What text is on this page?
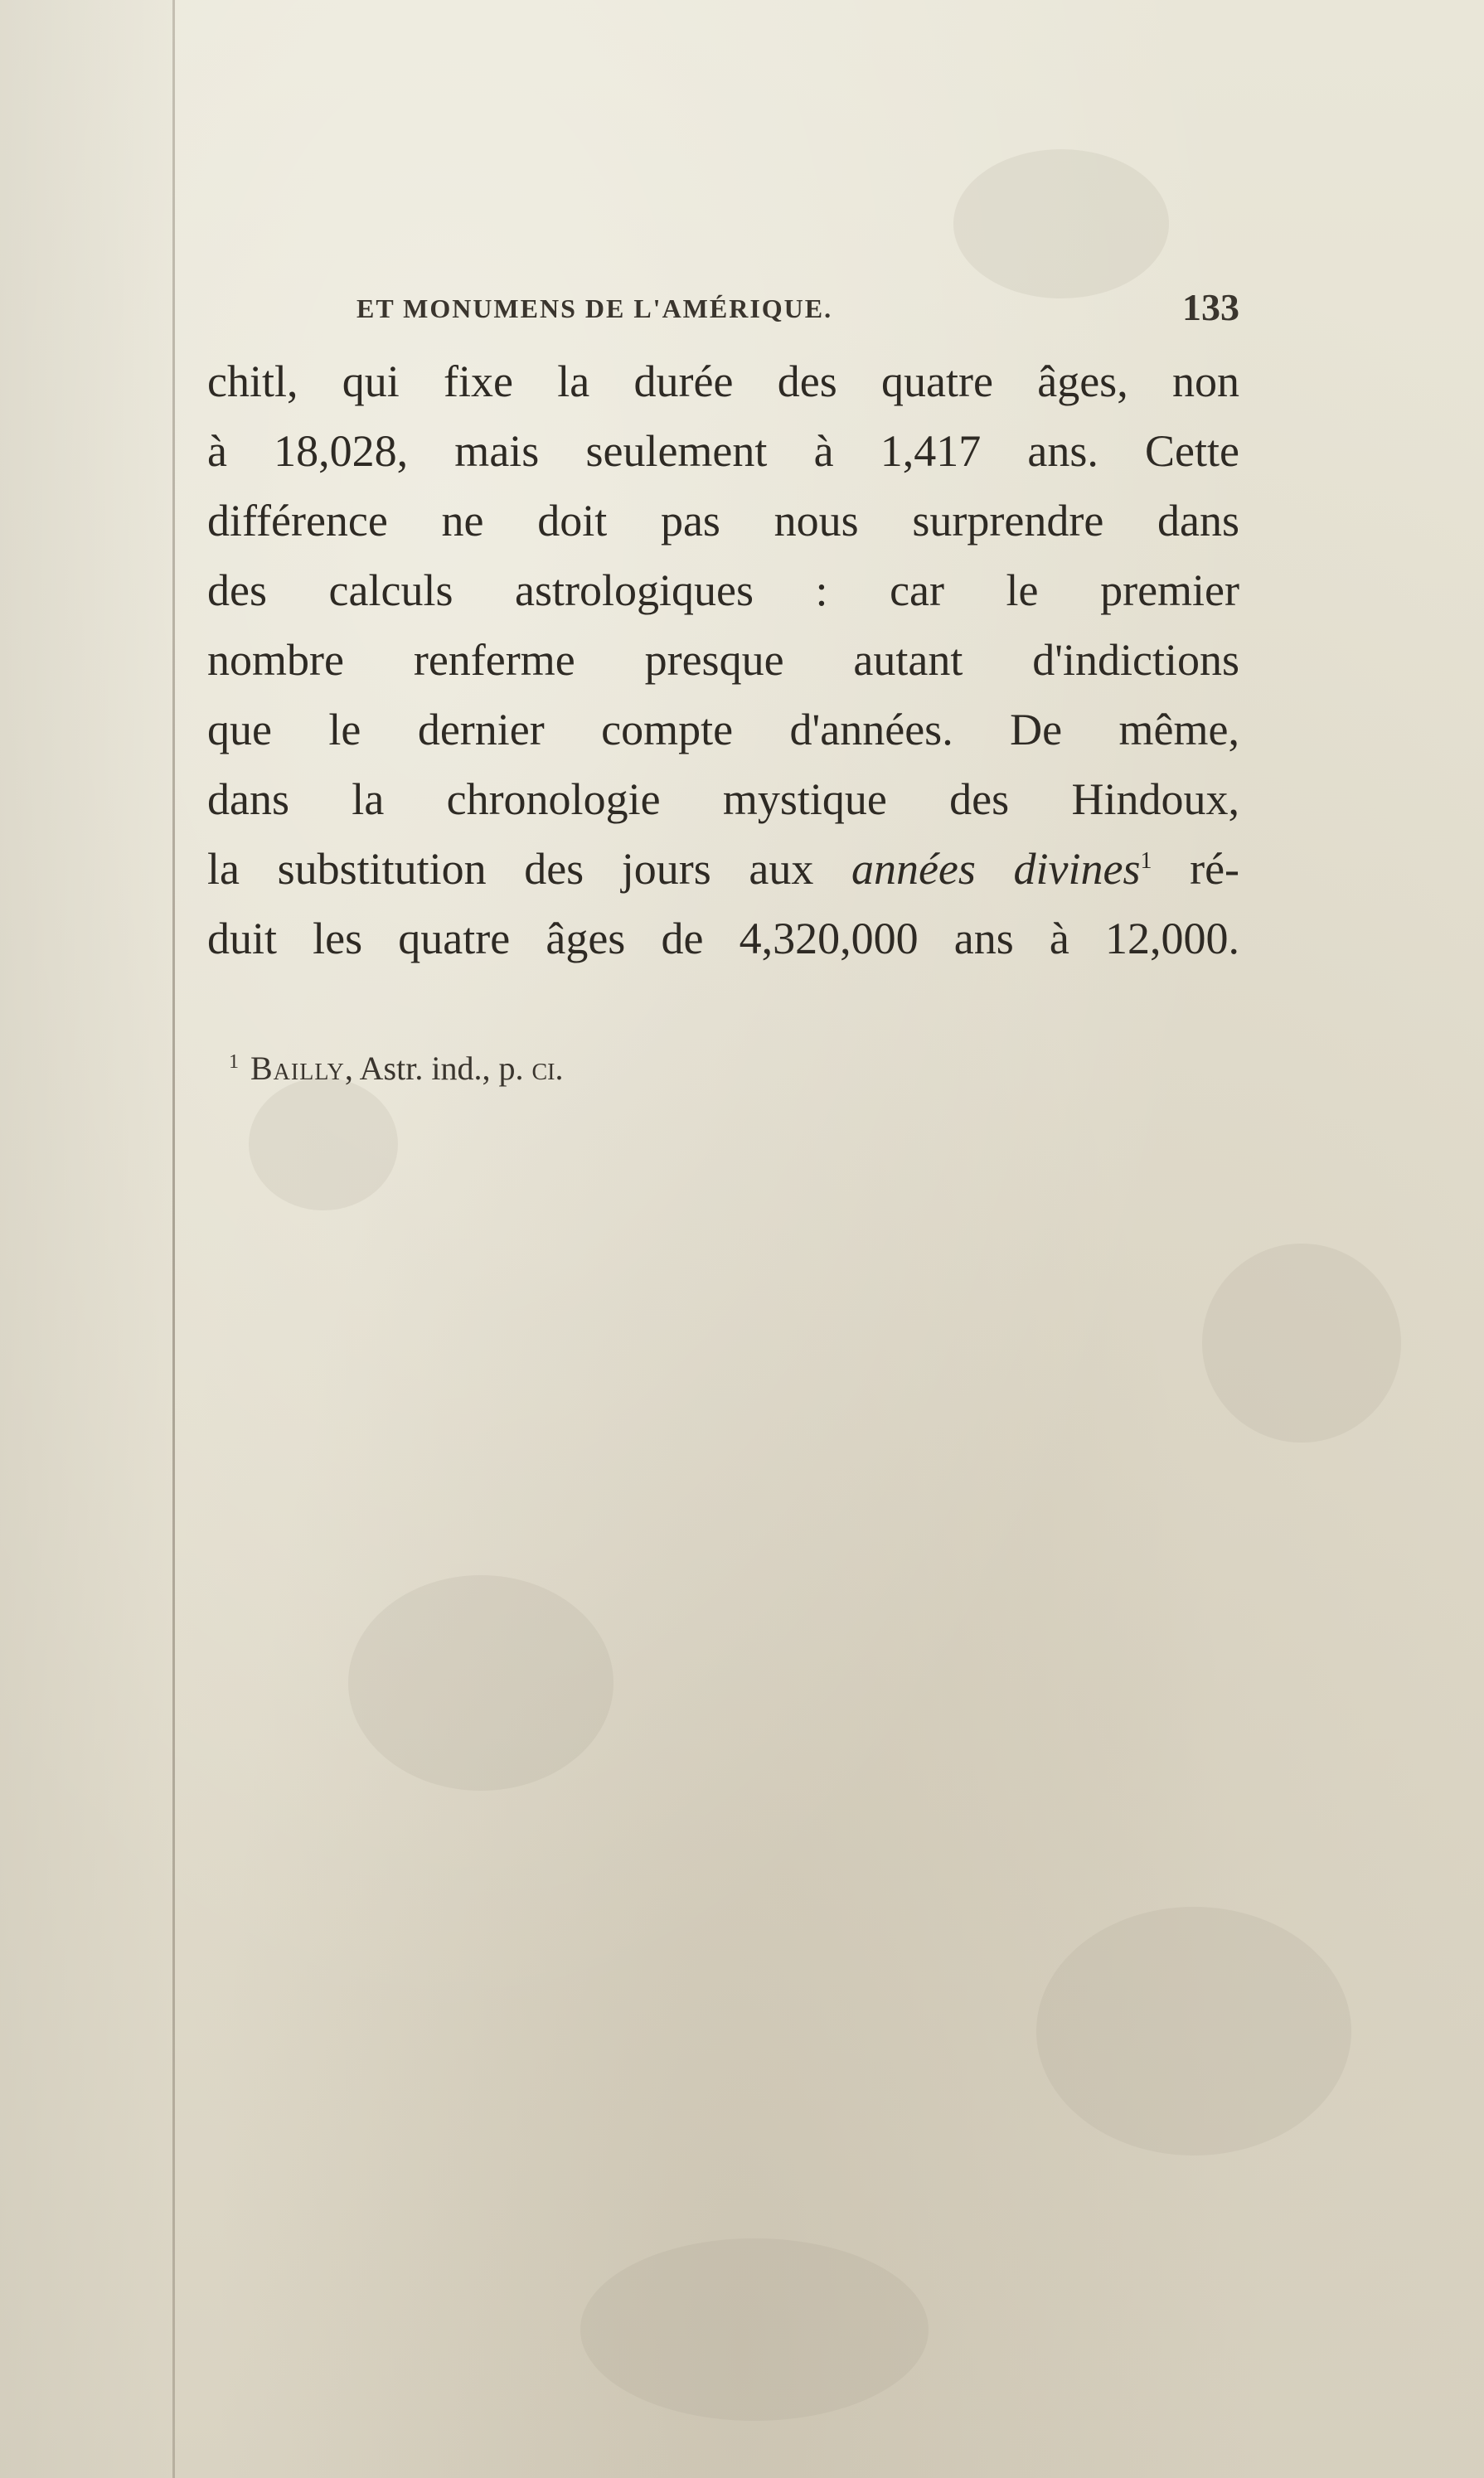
ET MONUMENS DE L'AMÉRIQUE.	133
chitl, qui fixe la durée des quatre âges, non
à 18,028, mais seulement à 1,417 ans. Cette
différence ne doit pas nous surprendre dans
des calculs astrologiques : car le premier
nombre renferme presque autant d'indictions
que le dernier compte d'années. De même,
dans la chronologie mystique des Hindoux,
la substitution des jours aux années divines$^1$ ré-
duit les quatre âges de 4,320,000 ans à 12,000.
$^1$ Bailly, Astr. ind., p. ci.
